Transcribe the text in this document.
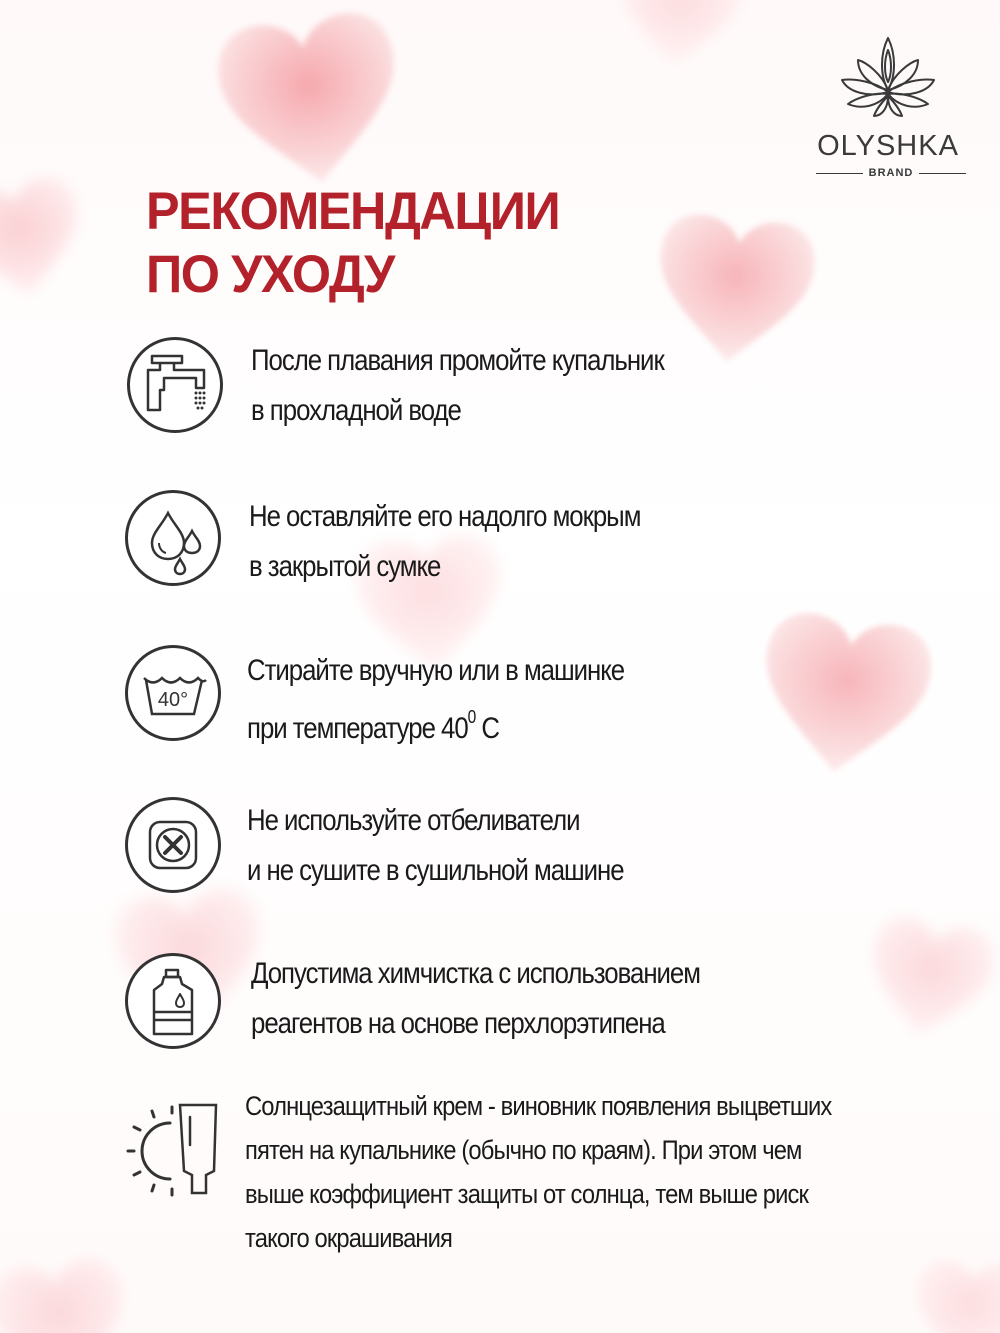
OLYSHKA
BRAND
РЕКОМЕНДАЦИИ
ПО УХОДУ
После плавания промойте купальник
в прохладной воде
Не оставляйте его надолго мокрым
в закрытой сумке
40°
Стирайте вручную или в машинке
при температуре $40^0$ С
Не используйте отбеливатели
и не сушите в сушильной машине
Допустима химчистка с использованием
реагентов на основе перхлорэтипена
Солнцезащитный крем - виновник появления выцветших
пятен на купальнике (обычно по краям). При этом чем
выше коэффициент защиты от солнца, тем выше риск
такого окрашивания
